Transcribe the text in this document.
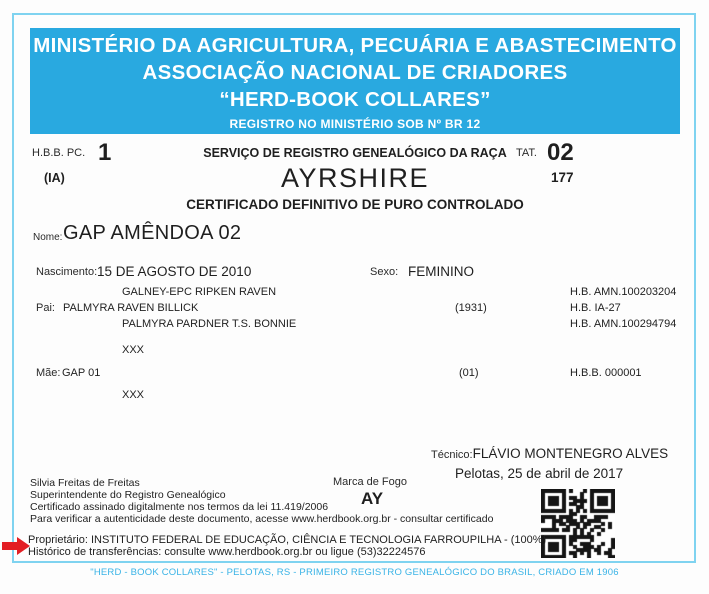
MINISTÉRIO DA AGRICULTURA, PECUÁRIA E ABASTECIMENTO
ASSOCIAÇÃO NACIONAL DE CRIADORES
“HERD-BOOK COLLARES”
REGISTRO NO MINISTÉRIO SOB Nº BR 12
H.B.B. PC. 1
(IA)
SERVIÇO DE REGISTRO GENEALÓGICO DA RAÇA
AYRSHIRE
CERTIFICADO DEFINITIVO DE PURO CONTROLADO
TAT. 02
177
Nome: GAP AMÊNDOA 02
Nascimento: 15 DE AGOSTO DE 2010	Sexo: FEMININO
GALNEY-EPC RIPKEN RAVEN	H.B. AMN.100203204
Pai: PALMYRA RAVEN BILLICK	(1931)	H.B. IA-27
PALMYRA PARDNER T.S. BONNIE	H.B. AMN.100294794
XXX
Mãe: GAP 01	(01)	H.B.B. 000001
XXX
Técnico: FLÁVIO MONTENEGRO ALVES
Pelotas, 25 de abril de 2017
Silvia Freitas de Freitas
Superintendente do Registro Genealógico
Certificado assinado digitalmente nos termos da lei 11.419/2006
Para verificar a autenticidade deste documento, acesse www.herdbook.org.br - consultar certificado
Marca de Fogo
AY
Proprietário: INSTITUTO FEDERAL DE EDUCAÇÃO, CIÊNCIA E TECNOLOGIA FARROUPILHA - (100%)
Histórico de transferências: consulte www.herdbook.org.br ou ligue (53)32224576
"HERD - BOOK COLLARES" - PELOTAS, RS - PRIMEIRO REGISTRO GENEALÓGICO DO BRASIL, CRIADO EM 1906
